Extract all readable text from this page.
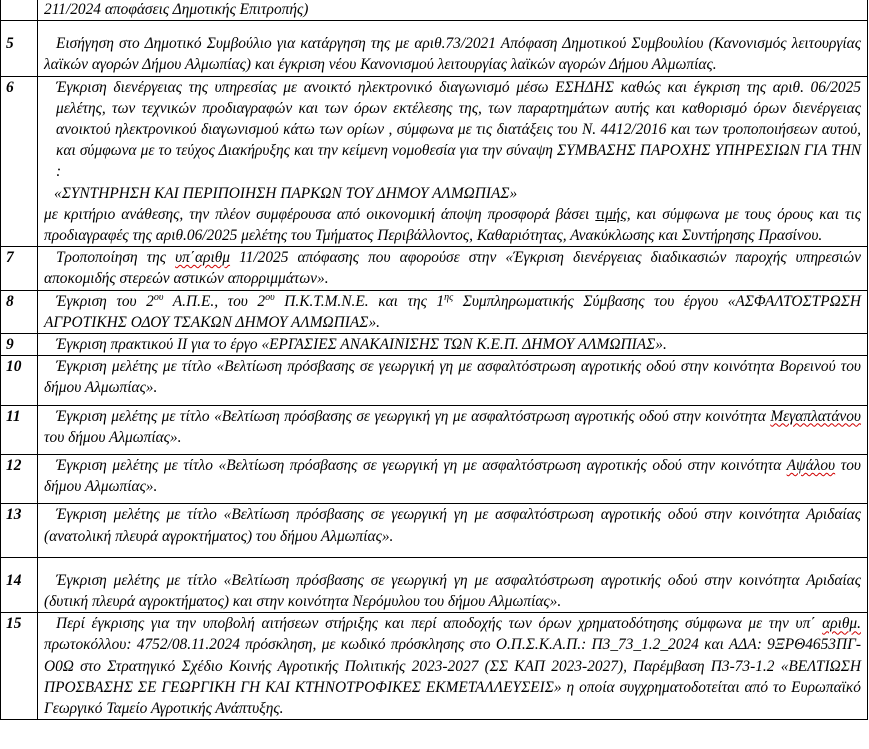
	211/2024 αποφάσεις Δημοτικής Επιτροπής)
5	Εισήγηση στο Δημοτικό Συμβούλιο για κατάργηση της με αριθ.73/2021 Απόφαση Δημοτικού Συμβουλίου (Κανονισμός λειτουργίας λαϊκών αγορών Δήμου Αλμωπίας) και έγκριση νέου Κανονισμού λειτουργίας λαϊκών αγορών Δήμου Αλμωπίας.
6	Έγκριση διενέργειας της υπηρεσίας με ανοικτό ηλεκτρονικό διαγωνισμό μέσω ΕΣΗΔΗΣ καθώς και έγκριση της αριθ. 06/2025 μελέτης, των τεχνικών προδιαγραφών και των όρων εκτέλεσης της, των παραρτημάτων αυτής και καθορισμό όρων διενέργειας ανοικτού ηλεκτρονικού διαγωνισμού κάτω των ορίων , σύμφωνα με τις διατάξεις του Ν. 4412/2016 και των τροποποιήσεων αυτού, και σύμφωνα με το τεύχος Διακήρυξης και την κείμενη νομοθεσία για την σύναψη ΣΥΜΒΑΣΗΣ ΠΑΡΟΧΗΣ ΥΠΗΡΕΣΙΩΝ ΓΙΑ ΤΗΝ :
«ΣΥΝΤΗΡΗΣΗ ΚΑΙ ΠΕΡΙΠΟΙΗΣΗ ΠΑΡΚΩΝ ΤΟΥ ΔΗΜΟΥ ΑΛΜΩΠΙΑΣ»
με κριτήριο ανάθεσης, την πλέον συμφέρουσα από οικονομική άποψη προσφορά βάσει τιμής, και σύμφωνα με τους όρους και τις προδιαγραφές της αριθ.06/2025 μελέτης του Τμήματος Περιβάλλοντος, Καθαριότητας, Ανακύκλωσης και Συντήρησης Πρασίνου.

7	Τροποποίηση της υπ΄αριθμ 11/2025 απόφασης που αφορούσε στην «Έγκριση διενέργειας διαδικασιών παροχής υπηρεσιών αποκομιδής στερεών αστικών απορριμμάτων».
8	Έγκριση του $2^{o\upsilon}$ Α.Π.Ε., του $2^{o\upsilon}$ Π.Κ.Τ.Μ.Ν.Ε. και της $1^{\eta\varsigma}$ Συμπληρωματικής Σύμβασης του έργου «ΑΣΦΑΛΤΟΣΤΡΩΣΗ ΑΓΡΟΤΙΚΗΣ ΟΔΟΥ ΤΣΑΚΩΝ ΔΗΜΟΥ ΑΛΜΩΠΙΑΣ».
9	Έγκριση πρακτικού ΙΙ για το έργο «ΕΡΓΑΣΙΕΣ ΑΝΑΚΑΙΝΙΣΗΣ ΤΩΝ Κ.Ε.Π. ΔΗΜΟΥ ΑΛΜΩΠΙΑΣ».
10	Έγκριση μελέτης με τίτλο «Βελτίωση πρόσβασης σε γεωργική γη με ασφαλτόστρωση αγροτικής οδού στην κοινότητα Βορεινού του δήμου Αλμωπίας».
11	Έγκριση μελέτης με τίτλο «Βελτίωση πρόσβασης σε γεωργική γη με ασφαλτόστρωση αγροτικής οδού στην κοινότητα Μεγαπλατάνου του δήμου Αλμωπίας».
12	Έγκριση μελέτης με τίτλο «Βελτίωση πρόσβασης σε γεωργική γη με ασφαλτόστρωση αγροτικής οδού στην κοινότητα Αψάλου του δήμου Αλμωπίας».
13	Έγκριση μελέτης με τίτλο «Βελτίωση πρόσβασης σε γεωργική γη με ασφαλτόστρωση αγροτικής οδού στην κοινότητα Αριδαίας (ανατολική πλευρά αγροκτήματος) του δήμου Αλμωπίας».
14	Έγκριση μελέτης με τίτλο «Βελτίωση πρόσβασης σε γεωργική γη με ασφαλτόστρωση αγροτικής οδού στην κοινότητα Αριδαίας (δυτική πλευρά αγροκτήματος) και στην κοινότητα Νερόμυλου του δήμου Αλμωπίας».
15	Περί έγκρισης για την υποβολή αιτήσεων στήριξης και περί αποδοχής των όρων χρηματοδότησης σύμφωνα με την υπ΄ αριθμ. πρωτοκόλλου: 4752/08.11.2024 πρόσκληση, με κωδικό πρόσκλησης στο Ο.Π.Σ.Κ.Α.Π.: Π3_73_1.2_2024 και ΑΔΑ: 9ΞΡΘ4653ΠΓ-Ο0Ω στο Στρατηγικό Σχέδιο Κοινής Αγροτικής Πολιτικής 2023-2027 (ΣΣ ΚΑΠ 2023-2027), Παρέμβαση Π3-73-1.2 «ΒΕΛΤΙΩΣΗ ΠΡΟΣΒΑΣΗΣ ΣΕ ΓΕΩΡΓΙΚΗ ΓΗ ΚΑΙ ΚΤΗΝΟΤΡΟΦΙΚΕΣ ΕΚΜΕΤΑΛΛΕΥΣΕΙΣ» η οποία συγχρηματοδοτείται από το Ευρωπαϊκό Γεωργικό Ταμείο Αγροτικής Ανάπτυξης.
